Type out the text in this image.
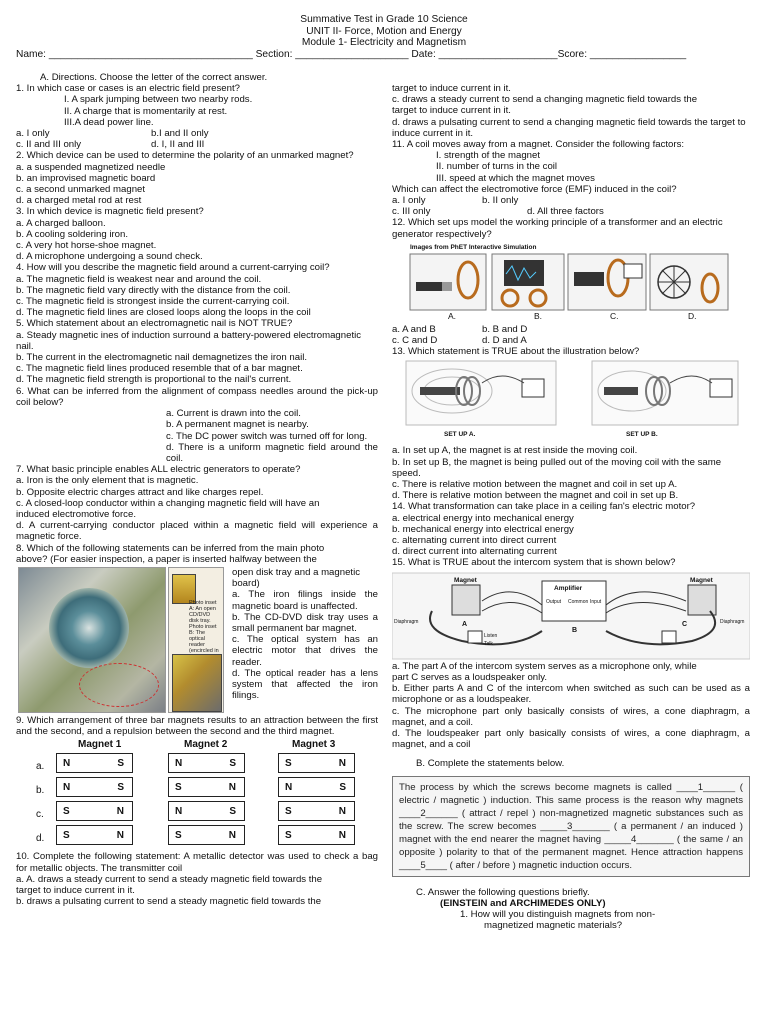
Summative Test in Grade 10 Science
UNIT II- Force, Motion and Energy
Module 1- Electricity and Magnetism
Name: ____________________________________ Section: ____________________ Date: _____________________Score: _________________
A. Directions. Choose the letter of the correct answer.
1. In which case or cases is an electric field present?
I. A spark jumping between two nearby rods.
II. A charge that is momentarily at rest.
III.A dead power line.
a. I only	b.I and II only
c. II and III only	d. I, II and III
2. Which device can be used to determine the polarity of an unmarked magnet?
a. a suspended magnetized needle
b. an improvised magnetic board
c. a second unmarked magnet
d. a charged metal rod at rest
3. In which device is magnetic field present?
a. A charged balloon.
b. A cooling soldering iron.
c. A very hot horse-shoe magnet.
d. A microphone undergoing a sound check.
4. How will you describe the magnetic field around a current-carrying coil?
a. The magnetic field is weakest near and around the coil.
b. The magnetic field vary directly with the distance from the coil.
c. The magnetic field is strongest inside the current-carrying coil.
d. The magnetic field lines are closed loops along the loops in the coil
5. Which statement about an electromagnetic nail is NOT TRUE?
a. Steady magnetic ines of induction surround a battery-powered electromagnetic nail.
b. The current in the electromagnetic nail demagnetizes the iron nail.
c. The magnetic field lines produced resemble that of a bar magnet.
d. The magnetic field strength is proportional to the nail's current.
6. What can be inferred from the alignment of compass needles around the pick-up coil below?
a. Current is drawn into the coil.
b. A permanent magnet is nearby.
c. The DC power switch was turned off for long.
d. There is a uniform magnetic field around the coil.
7. What basic principle enables ALL electric generators to operate?
a. Iron is the only element that is magnetic.
b. Opposite electric charges attract and like charges repel.
c. A closed-loop conductor within a changing magnetic field will have an
induced electromotive force.
d. A current-carrying conductor placed within a magnetic field will experience a magnetic force.
8. Which of the following statements can be inferred from the main photo
above? (For easier inspection, a paper is inserted halfway between the
Photo inset A: An open CD/DVD disk tray. Photo inset B: The optical reader (encircled in
open disk tray and a magnetic board)
a. The iron filings inside the magnetic board is unaffected.
b. The CD-DVD disk tray uses a small permanent bar magnet.
c. The optical system has an electric motor that drives the reader.
d. The optical reader has a lens system that affected the iron filings.
9. Which arrangement of three bar magnets results to an attraction between the first and the second, and a repulsion between the second and the third magnet.
Magnet 1	Magnet 2	Magnet 3
a. N	S	N	S	S	N
b. N	S	S	N	N	S
c. S	N	N	S	S	N
d. S	N	S	N	S	N
10. Complete the following statement: A metallic detector was used to check a bag for metallic objects. The transmitter coil
a. A. draws a steady current to send a steady magnetic field towards the
target to induce current in it.
b. draws a pulsating current to send a steady magnetic field towards the
target to induce current in it.
c. draws a steady current to send a changing magnetic field towards the
target to induce current in it.
d. draws a pulsating current to send a changing magnetic field towards the target to induce current in it.
11. A coil moves away from a magnet. Consider the following factors:
I. strength of the magnet
II. number of turns in the coil
III. speed at which the magnet moves
Which can affect the electromotive force (EMF) induced in the coil?
a. I only	b. II only
c. III only	d. All three factors
12. Which set ups model the working principle of a transformer and an electric generator respectively?
Images from PhET Interactive Simulation
A.	B.	C.	D.
a. A and B	b. B and D
c. C and D	d. D and A
13. Which statement is TRUE about the illustration below?
SET UP A.	SET UP B.
a. In set up A, the magnet is at rest inside the moving coil.
b. In set up B, the magnet is being pulled out of the moving coil with the same speed.
c. There is relative motion between the magnet and coil in set up A.
d. There is relative motion between the magnet and coil in set up B.
14. What transformation can take place in a ceiling fan's electric motor?
a. electrical energy into mechanical energy
b. mechanical energy into electrical energy
c. alternating current into direct current
d. direct current into alternating current
15. What is TRUE about the intercom system that is shown below?
Magnet	Magnet
Amplifier
Output Common Input
Diaphragm	Diaphragm
A
B
C
Listen
Talk
a. The part A of the intercom system serves as a microphone only, while
part C serves as a loudspeaker only.
b. Either parts A and C of the intercom when switched as such can be used as a microphone or as a loudspeaker.
c. The microphone part only basically consists of wires, a cone diaphragm, a magnet, and a coil.
d. The loudspeaker part only basically consists of wires, a cone diaphragm, a magnet, and a coil
B. Complete the statements below.
The process by which the screws become magnets is called ____1______ ( electric / magnetic ) induction. This same process is the reason why magnets ____2______ ( attract / repel ) non-magnetized magnetic substances such as the screw. The screw becomes _____3_______ ( a permanent / an induced ) magnet with the end nearer the magnet having _____4_______ ( the same / an opposite ) polarity to that of the permanent magnet. Hence attraction happens ____5____ ( after / before ) magnetic induction occurs.
C. Answer the following questions briefly.
(EINSTEIN and ARCHIMEDES ONLY)
1. How will you distinguish magnets from non-
magnetized magnetic materials?
